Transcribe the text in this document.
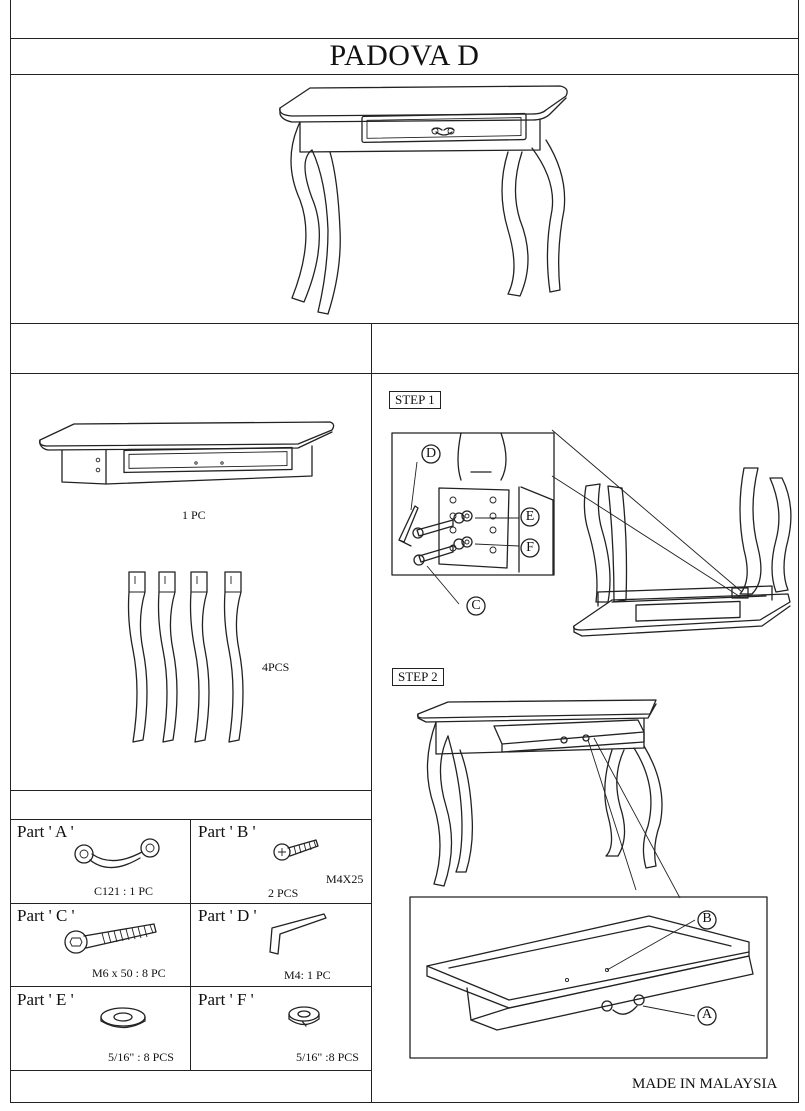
PADOVA D
1 PC
4PCS
Part ' A '
C121 : 1 PC
Part ' B '
M4X25
2 PCS
Part ' C '
M6 x 50 : 8 PC
Part ' D '
M4: 1 PC
Part ' E '
5/16" : 8 PCS
Part ' F '
5/16" :8 PCS
STEP 1
D
E
F
C
STEP 2
B
A
MADE IN MALAYSIA
